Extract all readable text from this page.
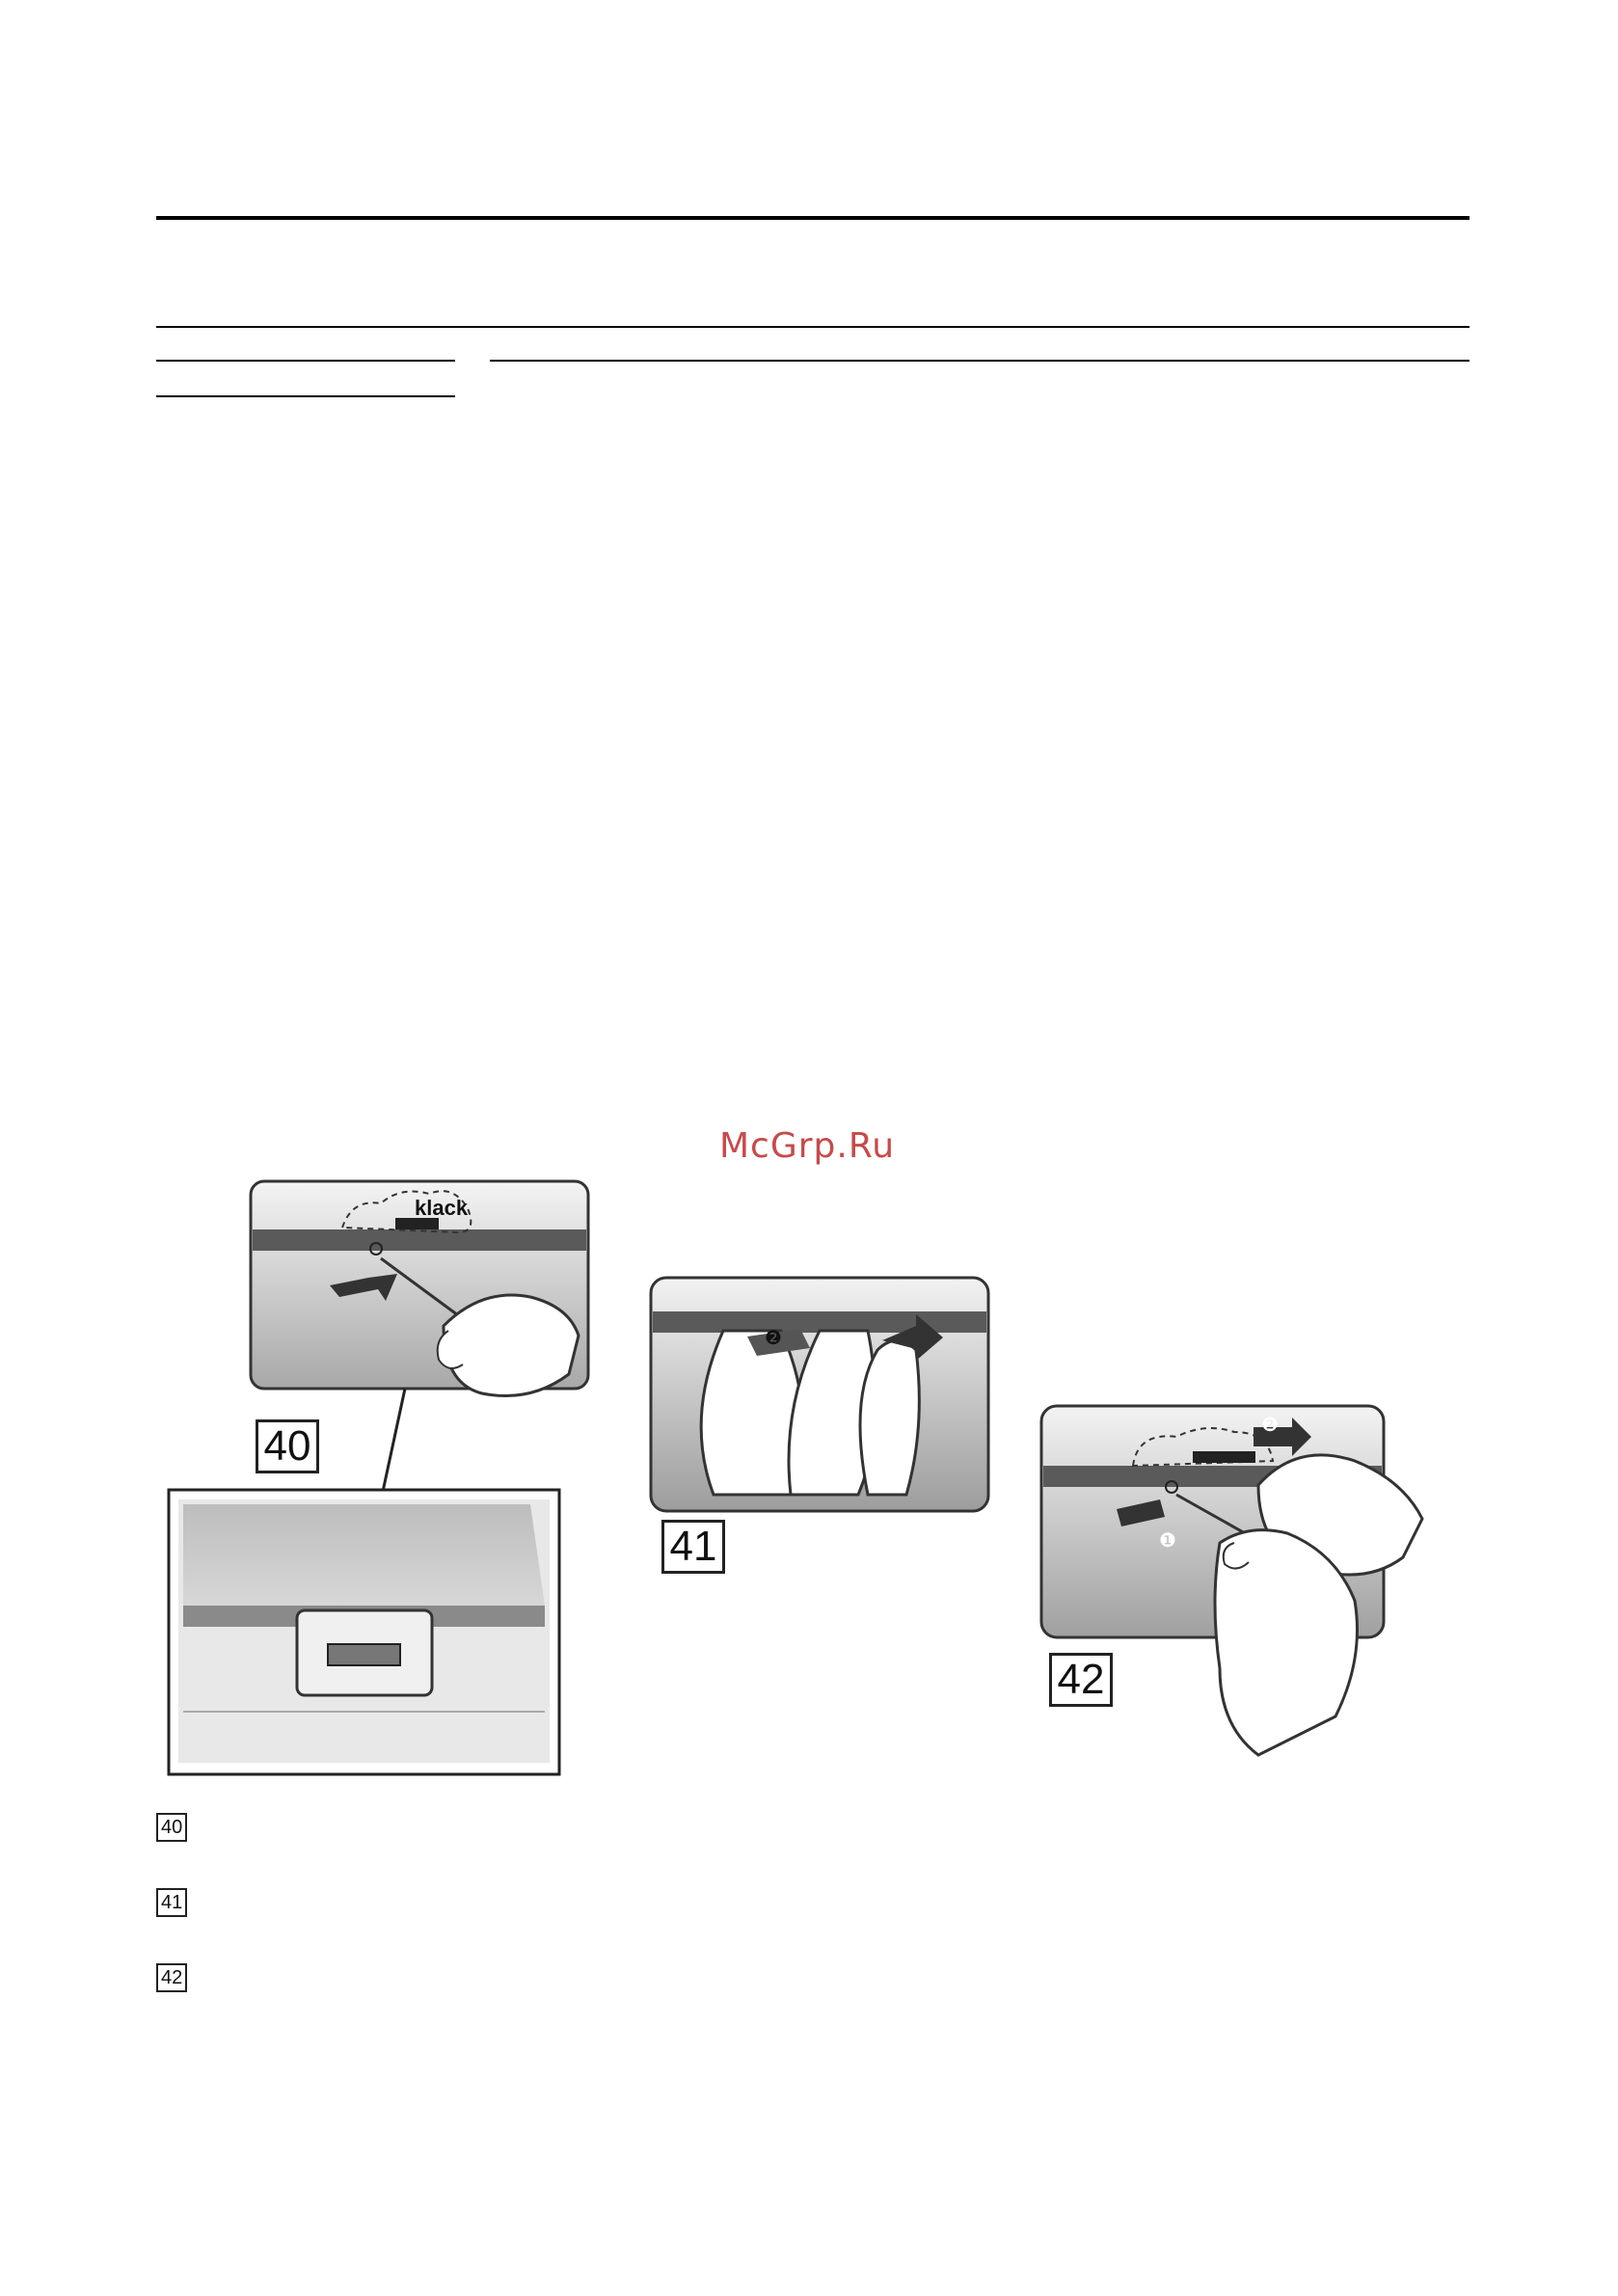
McGrp.Ru
40
klack
❷
❶
41
❷
❶
42
40
41
42
